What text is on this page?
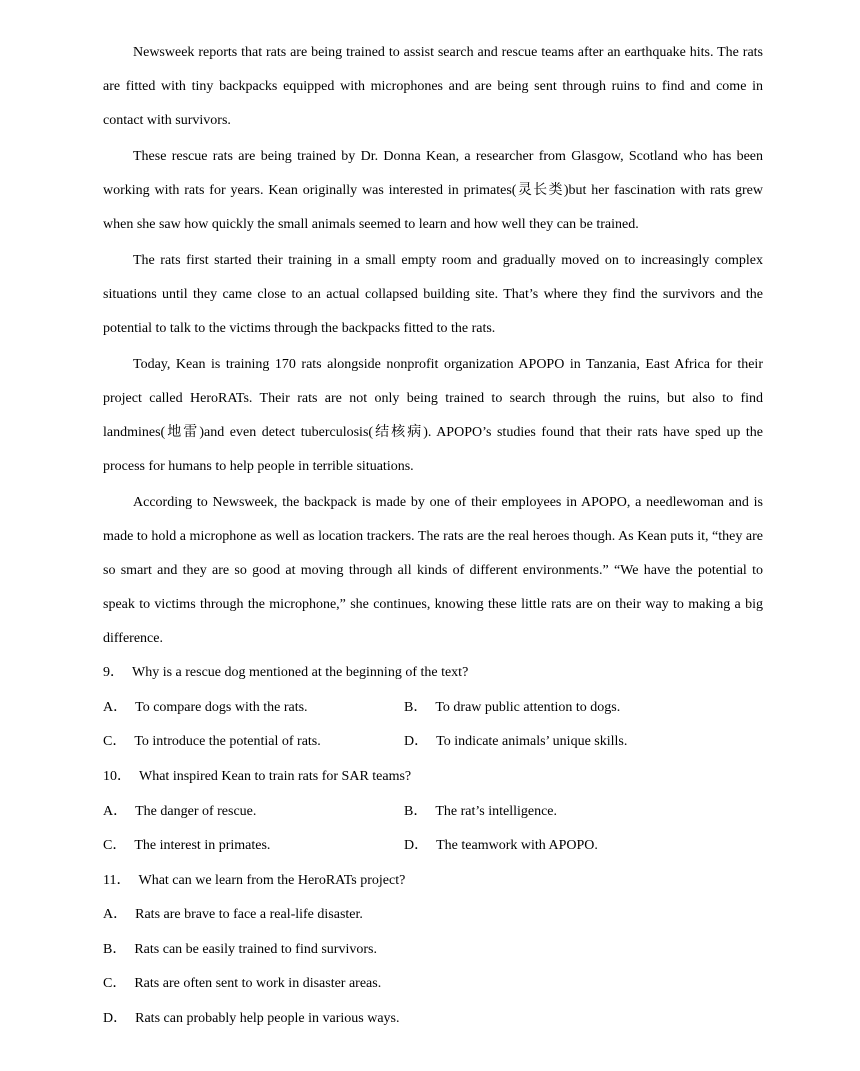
Newsweek reports that rats are being trained to assist search and rescue teams after an earthquake hits. The rats are fitted with tiny backpacks equipped with microphones and are being sent through ruins to find and come in contact with survivors.

These rescue rats are being trained by Dr. Donna Kean, a researcher from Glasgow, Scotland who has been working with rats for years. Kean originally was interested in primates(灵长类)but her fascination with rats grew when she saw how quickly the small animals seemed to learn and how well they can be trained.

The rats first started their training in a small empty room and gradually moved on to increasingly complex situations until they came close to an actual collapsed building site. That’s where they find the survivors and the potential to talk to the victims through the backpacks fitted to the rats.

Today, Kean is training 170 rats alongside nonprofit organization APOPO in Tanzania, East Africa for their project called HeroRATs. Their rats are not only being trained to search through the ruins, but also to find landmines(地雷)and even detect tuberculosis(结核病). APOPO’s studies found that their rats have sped up the process for humans to help people in terrible situations.

According to Newsweek, the backpack is made by one of their employees in APOPO, a needlewoman and is made to hold a microphone as well as location trackers. The rats are the real heroes though. As Kean puts it, “they are so smart and they are so good at moving through all kinds of different environments.” “We have the potential to speak to victims through the microphone,” she continues, knowing these little rats are on their way to making a big difference.

9． Why is a rescue dog mentioned at the beginning of the text?

A． To compare dogs with the rats.	B． To draw public attention to dogs.

C． To introduce the potential of rats.	D． To indicate animals’ unique skills.

10． What inspired Kean to train rats for SAR teams?

A． The danger of rescue.	B． The rat’s intelligence.

C． The interest in primates.	D． The teamwork with APOPO.

11． What can we learn from the HeroRATs project?

A． Rats are brave to face a real-life disaster.

B． Rats can be easily trained to find survivors.

C． Rats are often sent to work in disaster areas.

D． Rats can probably help people in various ways.
